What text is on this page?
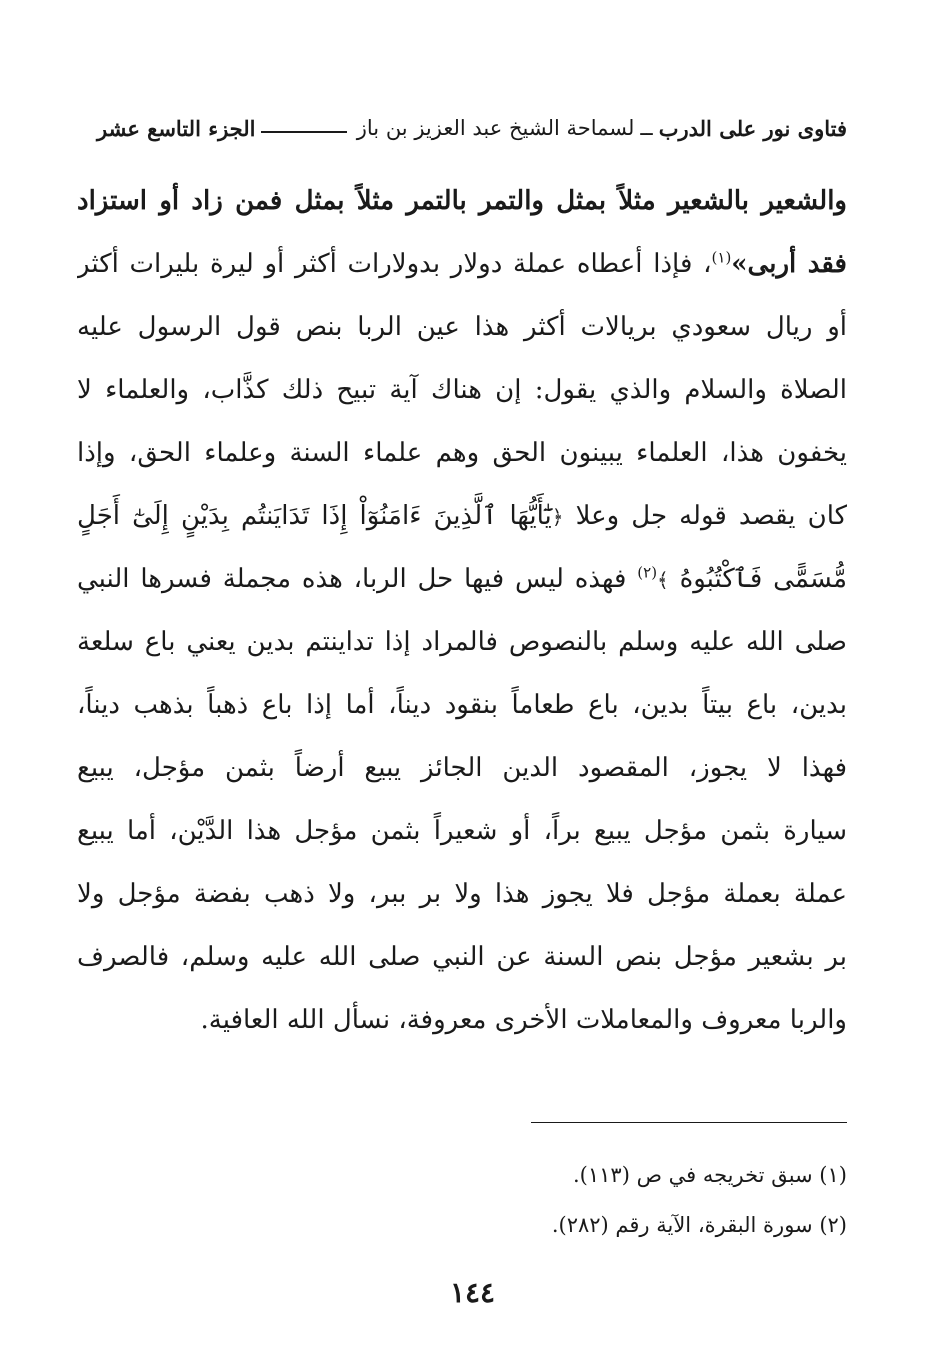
فتاوى نور على الدرب
ــ
لسماحة الشيخ عبد العزيز بن باز
الجزء التاسع عشر
والشعير بالشعير مثلاً بمثل والتمر بالتمر مثلاً بمثل فمن زاد أو استزاد
فقد أربى»$^{(١)}$، فإذا أعطاه عملة دولار بدولارات أكثر أو ليرة بليرات أكثر
أو ريال سعودي بريالات أكثر هذا عين الربا بنص قول الرسول عليه
الصلاة والسلام والذي يقول: إن هناك آية تبيح ذلك كذَّاب، والعلماء لا
يخفون هذا، العلماء يبينون الحق وهم علماء السنة وعلماء الحق، وإذا
كان يقصد قوله جل وعلا ﴿يَٰٓأَيُّهَا ٱلَّذِينَ ءَامَنُوٓاْ إِذَا تَدَايَنتُم بِدَيْنٍ إِلَىٰٓ أَجَلٍ
مُّسَمًّى فَٱكْتُبُوهُ ﴾$^{(٢)}$ فهذه ليس فيها حل الربا، هذه مجملة فسرها النبي
صلى الله عليه وسلم بالنصوص فالمراد إذا تداينتم بدين يعني باع سلعة
بدين، باع بيتاً بدين، باع طعاماً بنقود ديناً، أما إذا باع ذهباً بذهب ديناً،
فهذا لا يجوز، المقصود الدين الجائز يبيع أرضاً بثمن مؤجل، يبيع
سيارة بثمن مؤجل يبيع براً، أو شعيراً بثمن مؤجل هذا الدَّيْن، أما يبيع
عملة بعملة مؤجل فلا يجوز هذا ولا بر ببر، ولا ذهب بفضة مؤجل ولا
بر بشعير مؤجل بنص السنة عن النبي صلى الله عليه وسلم، فالصرف
والربا معروف والمعاملات الأخرى معروفة، نسأل الله العافية.
(١) سبق تخريجه في ص (١١٣).
(٢) سورة البقرة، الآية رقم (٢٨٢).
١٤٤
